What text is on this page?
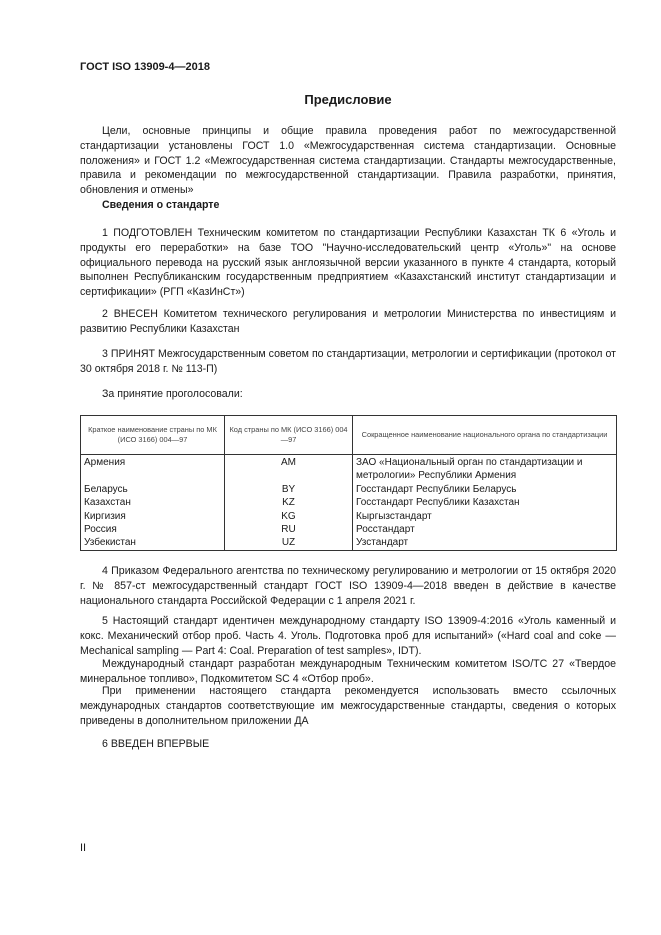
ГОСТ ISO 13909-4—2018
Предисловие

Цели, основные принципы и общие правила проведения работ по межгосударственной стандартизации установлены ГОСТ 1.0 «Межгосударственная система стандартизации. Основные положения» и ГОСТ 1.2 «Межгосударственная система стандартизации. Стандарты межгосударственные, правила и рекомендации по межгосударственной стандартизации. Правила разработки, принятия, обновления и отмены»

Сведения о стандарте

1 ПОДГОТОВЛЕН Техническим комитетом по стандартизации Республики Казахстан ТК 6 «Уголь и продукты его переработки» на базе ТОО "Научно-исследовательский центр «Уголь»" на основе официального перевода на русский язык англоязычной версии указанного в пункте 4 стандарта, который выполнен Республиканским государственным предприятием «Казахстанский институт стандартизации и сертификации» (РГП «КазИнСт»)

2 ВНЕСЕН Комитетом технического регулирования и метрологии Министерства по инвестициям и развитию Республики Казахстан

3 ПРИНЯТ Межгосударственным советом по стандартизации, метрологии и сертификации (протокол от 30 октября 2018 г. № 113-П)

За принятие проголосовали:
Краткое наименование страны по МК (ИСО 3166) 004—97	Код страны по МК (ИСО 3166) 004—97	Сокращенное наименование национального органа по стандартизации
Армения	AM	ЗАО «Национальный орган по стандартизации и метрологии» Республики Армения
Беларусь	BY	Госстандарт Республики Беларусь
Казахстан	KZ	Госстандарт Республики Казахстан
Киргизия	KG	Кыргызстандарт
Россия	RU	Росстандарт
Узбекистан	UZ	Узстандарт

4 Приказом Федерального агентства по техническому регулированию и метрологии от 15 октября 2020 г. № 857-ст межгосударственный стандарт ГОСТ ISO 13909-4—2018 введен в действие в качестве национального стандарта Российской Федерации с 1 апреля 2021 г.

5 Настоящий стандарт идентичен международному стандарту ISO 13909-4:2016 «Уголь каменный и кокс. Механический отбор проб. Часть 4. Уголь. Подготовка проб для испытаний» («Hard coal and coke — Mechanical sampling — Part 4: Coal. Preparation of test samples», IDT).

Международный стандарт разработан международным Техническим комитетом ISO/TC 27 «Твердое минеральное топливо», Подкомитетом SC 4 «Отбор проб».

При применении настоящего стандарта рекомендуется использовать вместо ссылочных международных стандартов соответствующие им межгосударственные стандарты, сведения о которых приведены в дополнительном приложении ДА

6 ВВЕДЕН ВПЕРВЫЕ

II
